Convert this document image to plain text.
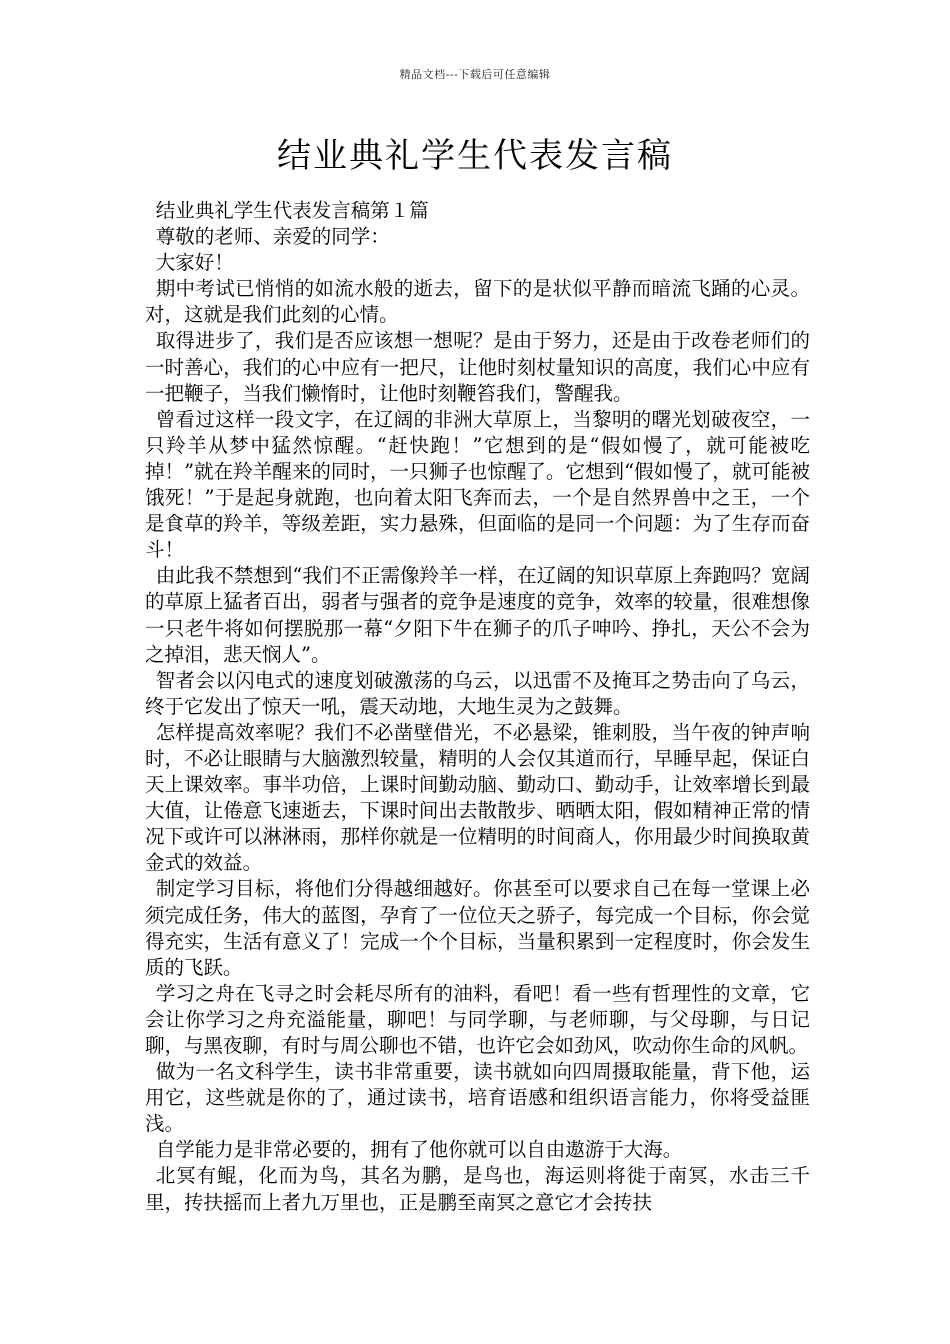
精品文档---下载后可任意编辑
结业典礼学生代表发言稿

结业典礼学生代表发言稿第１篇

尊敬的老师、亲爱的同学：

大家好！

期中考试已悄悄的如流水般的逝去，留下的是状似平静而暗流飞踊的心灵。对，这就是我们此刻的心情。

取得进步了，我们是否应该想一想呢？是由于努力，还是由于改卷老师们的一时善心，我们的心中应有一把尺，让他时刻杖量知识的高度，我们心中应有一把鞭子，当我们懒惰时，让他时刻鞭笞我们，警醒我。

曾看过这样一段文字，在辽阔的非洲大草原上，当黎明的曙光划破夜空，一只羚羊从梦中猛然惊醒。“赶快跑！”它想到的是“假如慢了，就可能被吃掉！”就在羚羊醒来的同时，一只狮子也惊醒了。它想到“假如慢了，就可能被饿死！”于是起身就跑，也向着太阳飞奔而去，一个是自然界兽中之王，一个是食草的羚羊，等级差距，实力悬殊，但面临的是同一个问题：为了生存而奋斗！

由此我不禁想到“我们不正需像羚羊一样，在辽阔的知识草原上奔跑吗？宽阔的草原上猛者百出，弱者与强者的竞争是速度的竞争，效率的较量，很难想像一只老牛将如何摆脱那一幕“夕阳下牛在狮子的爪子呻吟、挣扎，天公不会为之掉泪，悲天悯人”。

智者会以闪电式的速度划破激荡的乌云，以迅雷不及掩耳之势击向了乌云，终于它发出了惊天一吼，震天动地，大地生灵为之鼓舞。

怎样提高效率呢？我们不必凿壁借光，不必悬梁，锥刺股，当午夜的钟声响时，不必让眼睛与大脑激烈较量，精明的人会仅其道而行，早睡早起，保证白天上课效率。事半功倍，上课时间勤动脑、勤动口、勤动手，让效率增长到最大值，让倦意飞速逝去，下课时间出去散散步、晒晒太阳，假如精神正常的情况下或许可以淋淋雨，那样你就是一位精明的时间商人，你用最少时间换取黄金式的效益。

制定学习目标，将他们分得越细越好。你甚至可以要求自己在每一堂课上必须完成任务，伟大的蓝图，孕育了一位位天之骄子，每完成一个目标，你会觉得充实，生活有意义了！完成一个个目标，当量积累到一定程度时，你会发生质的飞跃。

学习之舟在飞寻之时会耗尽所有的油料，看吧！看一些有哲理性的文章，它会让你学习之舟充溢能量，聊吧！与同学聊，与老师聊，与父母聊，与日记聊，与黑夜聊，有时与周公聊也不错，也许它会如劲风，吹动你生命的风帆。

做为一名文科学生，读书非常重要，读书就如向四周摄取能量，背下他，运用它，这些就是你的了，通过读书，培育语感和组织语言能力，你将受益匪浅。

自学能力是非常必要的，拥有了他你就可以自由遨游于大海。

北冥有鲲，化而为鸟，其名为鹏，是鸟也，海运则将徙于南冥，水击三千里，抟扶摇而上者九万里也，正是鹏至南冥之意它才会抟扶
